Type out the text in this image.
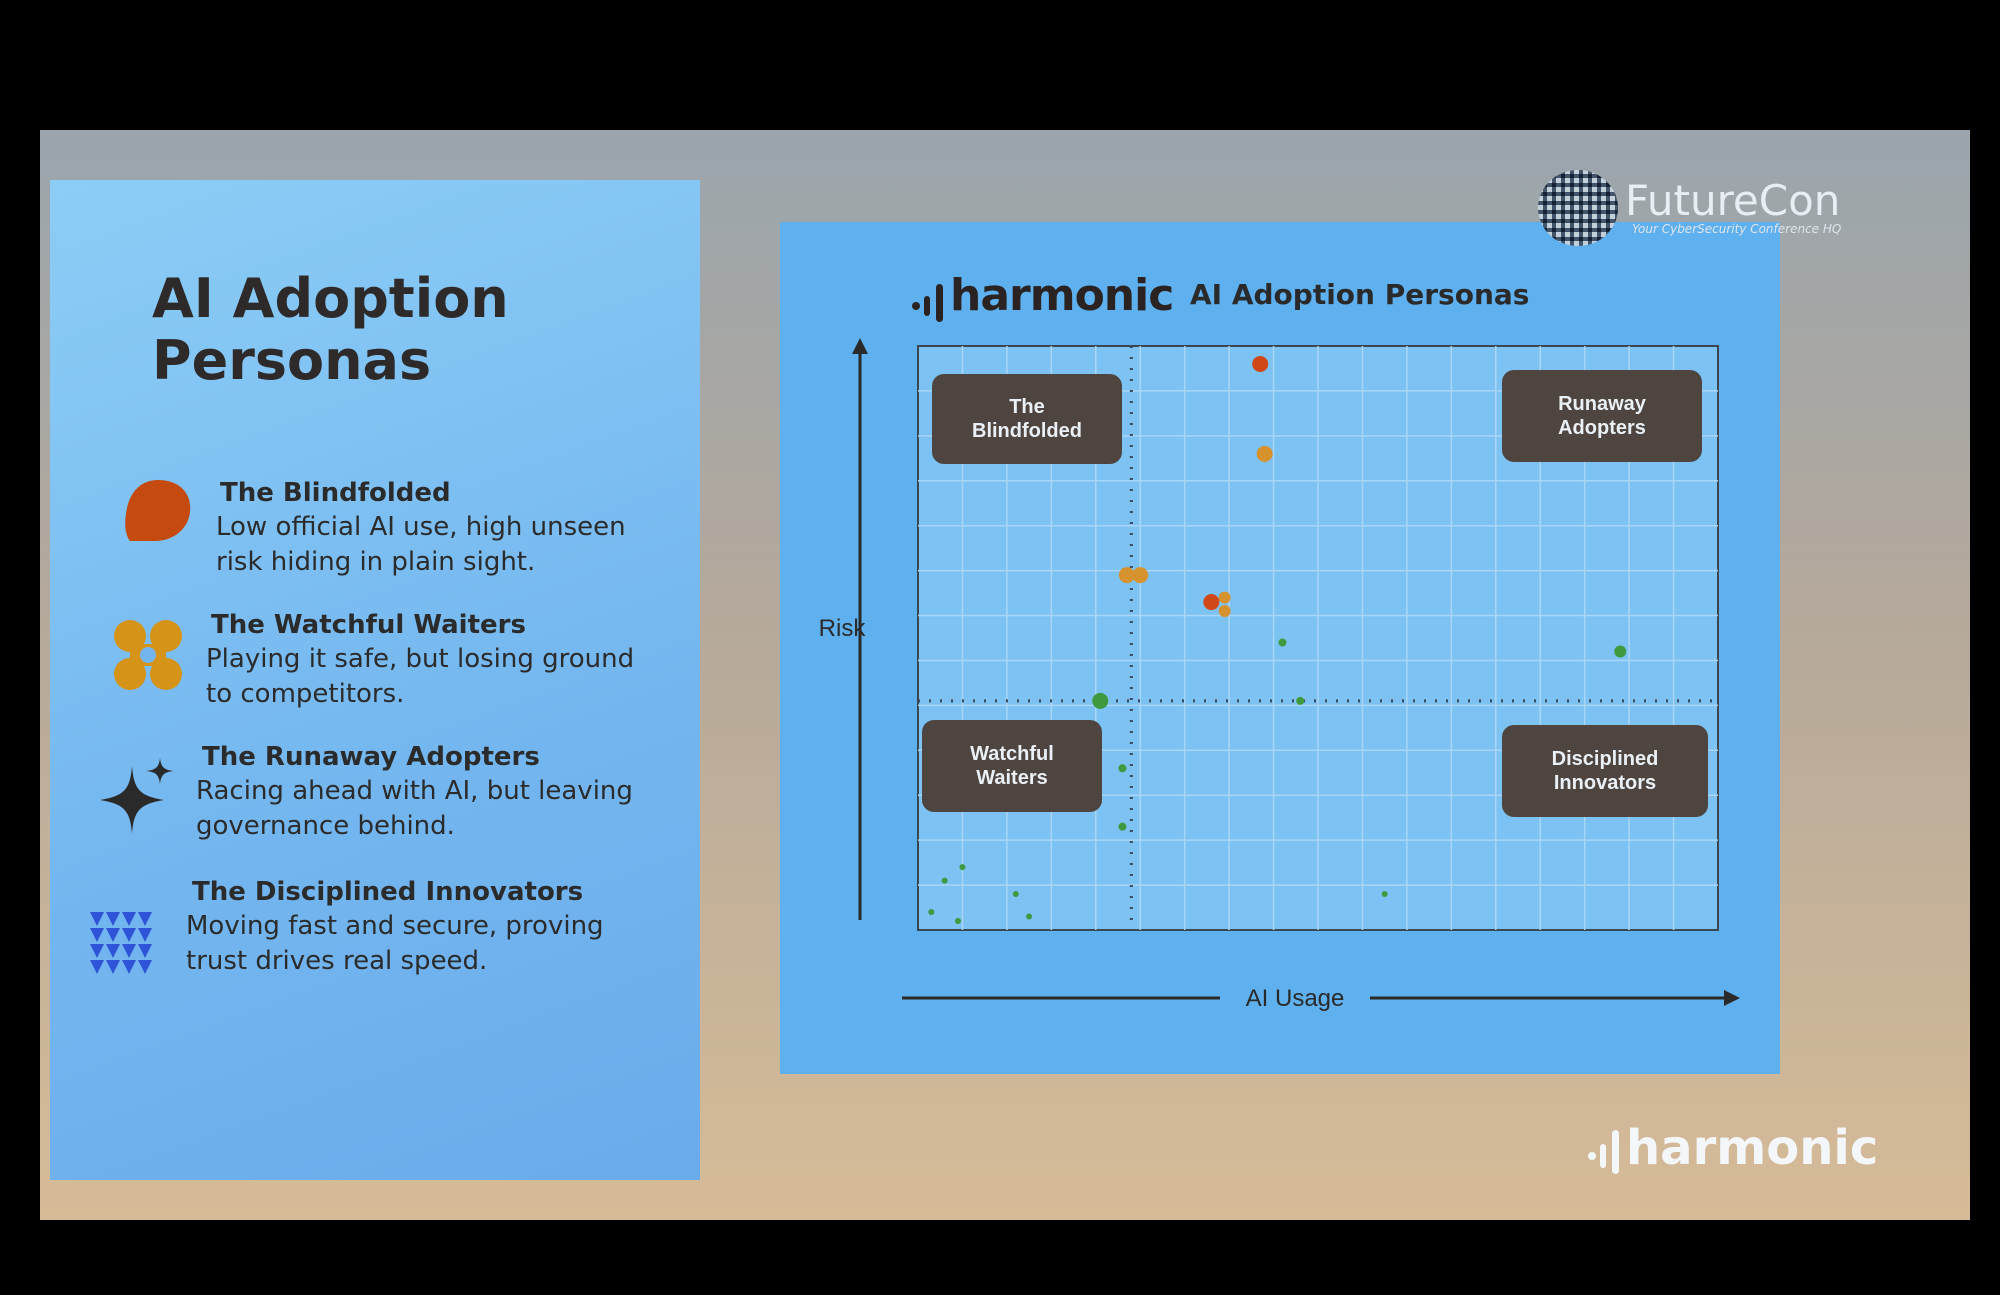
AI Adoption Personas
The Blindfolded
Low official AI use, high unseen risk hiding in plain sight.
The Watchful Waiters
Playing it safe, but losing ground to competitors.
The Runaway Adopters
Racing ahead with AI, but leaving governance behind.
The Disciplined Innovators
Moving fast and secure, proving trust drives real speed.
harmonic AI Adoption Personas
Risk
AI Usage
The Blindfolded
Runaway Adopters
Watchful Waiters
Disciplined Innovators
FutureCon
Your CyberSecurity Conference HQ
harmonic
